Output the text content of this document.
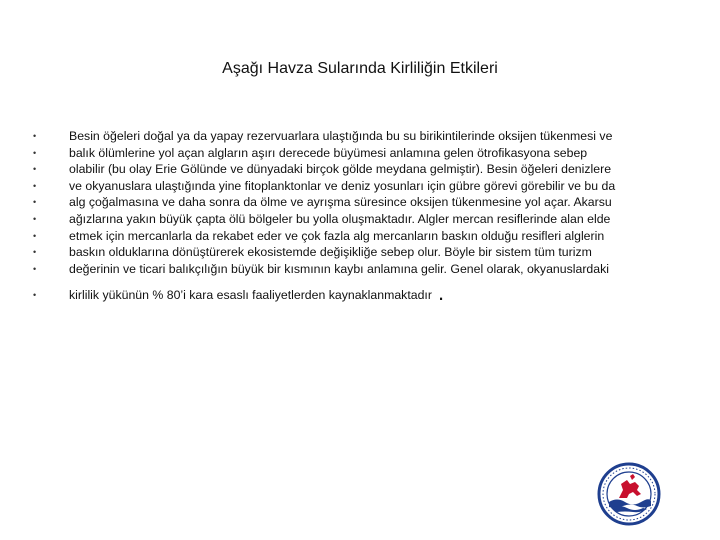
Aşağı Havza Sularında Kirliliğin Etkileri
•	Besin öğeleri doğal ya da yapay rezervuarlara ulaştığında bu su birikintilerinde oksijen tükenmesi ve
•	balık ölümlerine yol açan algların aşırı derecede büyümesi anlamına gelen ötrofikasyona sebep
•	olabilir (bu olay Erie Gölünde ve dünyadaki birçok gölde meydana gelmiştir). Besin öğeleri denizlere
•	ve okyanuslara ulaştığında yine fitoplanktonlar ve deniz yosunları için gübre görevi görebilir ve bu da
•	alg çoğalmasına ve daha sonra da ölme ve ayrışma süresince oksijen tükenmesine yol açar. Akarsu
•	ağızlarına yakın büyük çapta ölü bölgeler bu yolla oluşmaktadır. Algler mercan resiflerinde alan elde
•	etmek için mercanlarla da rekabet eder ve çok fazla alg mercanların baskın olduğu resifleri alglerin
•	baskın olduklarına dönüştürerek ekosistemde değişikliğe sebep olur. Böyle bir sistem tüm turizm
•	değerinin ve ticari balıkçılığın büyük bir kısmının kaybı anlamına gelir. Genel olarak, okyanuslardaki
•	kirlilik yükünün % 80’i kara esaslı faaliyetlerden kaynaklanmaktadır .
